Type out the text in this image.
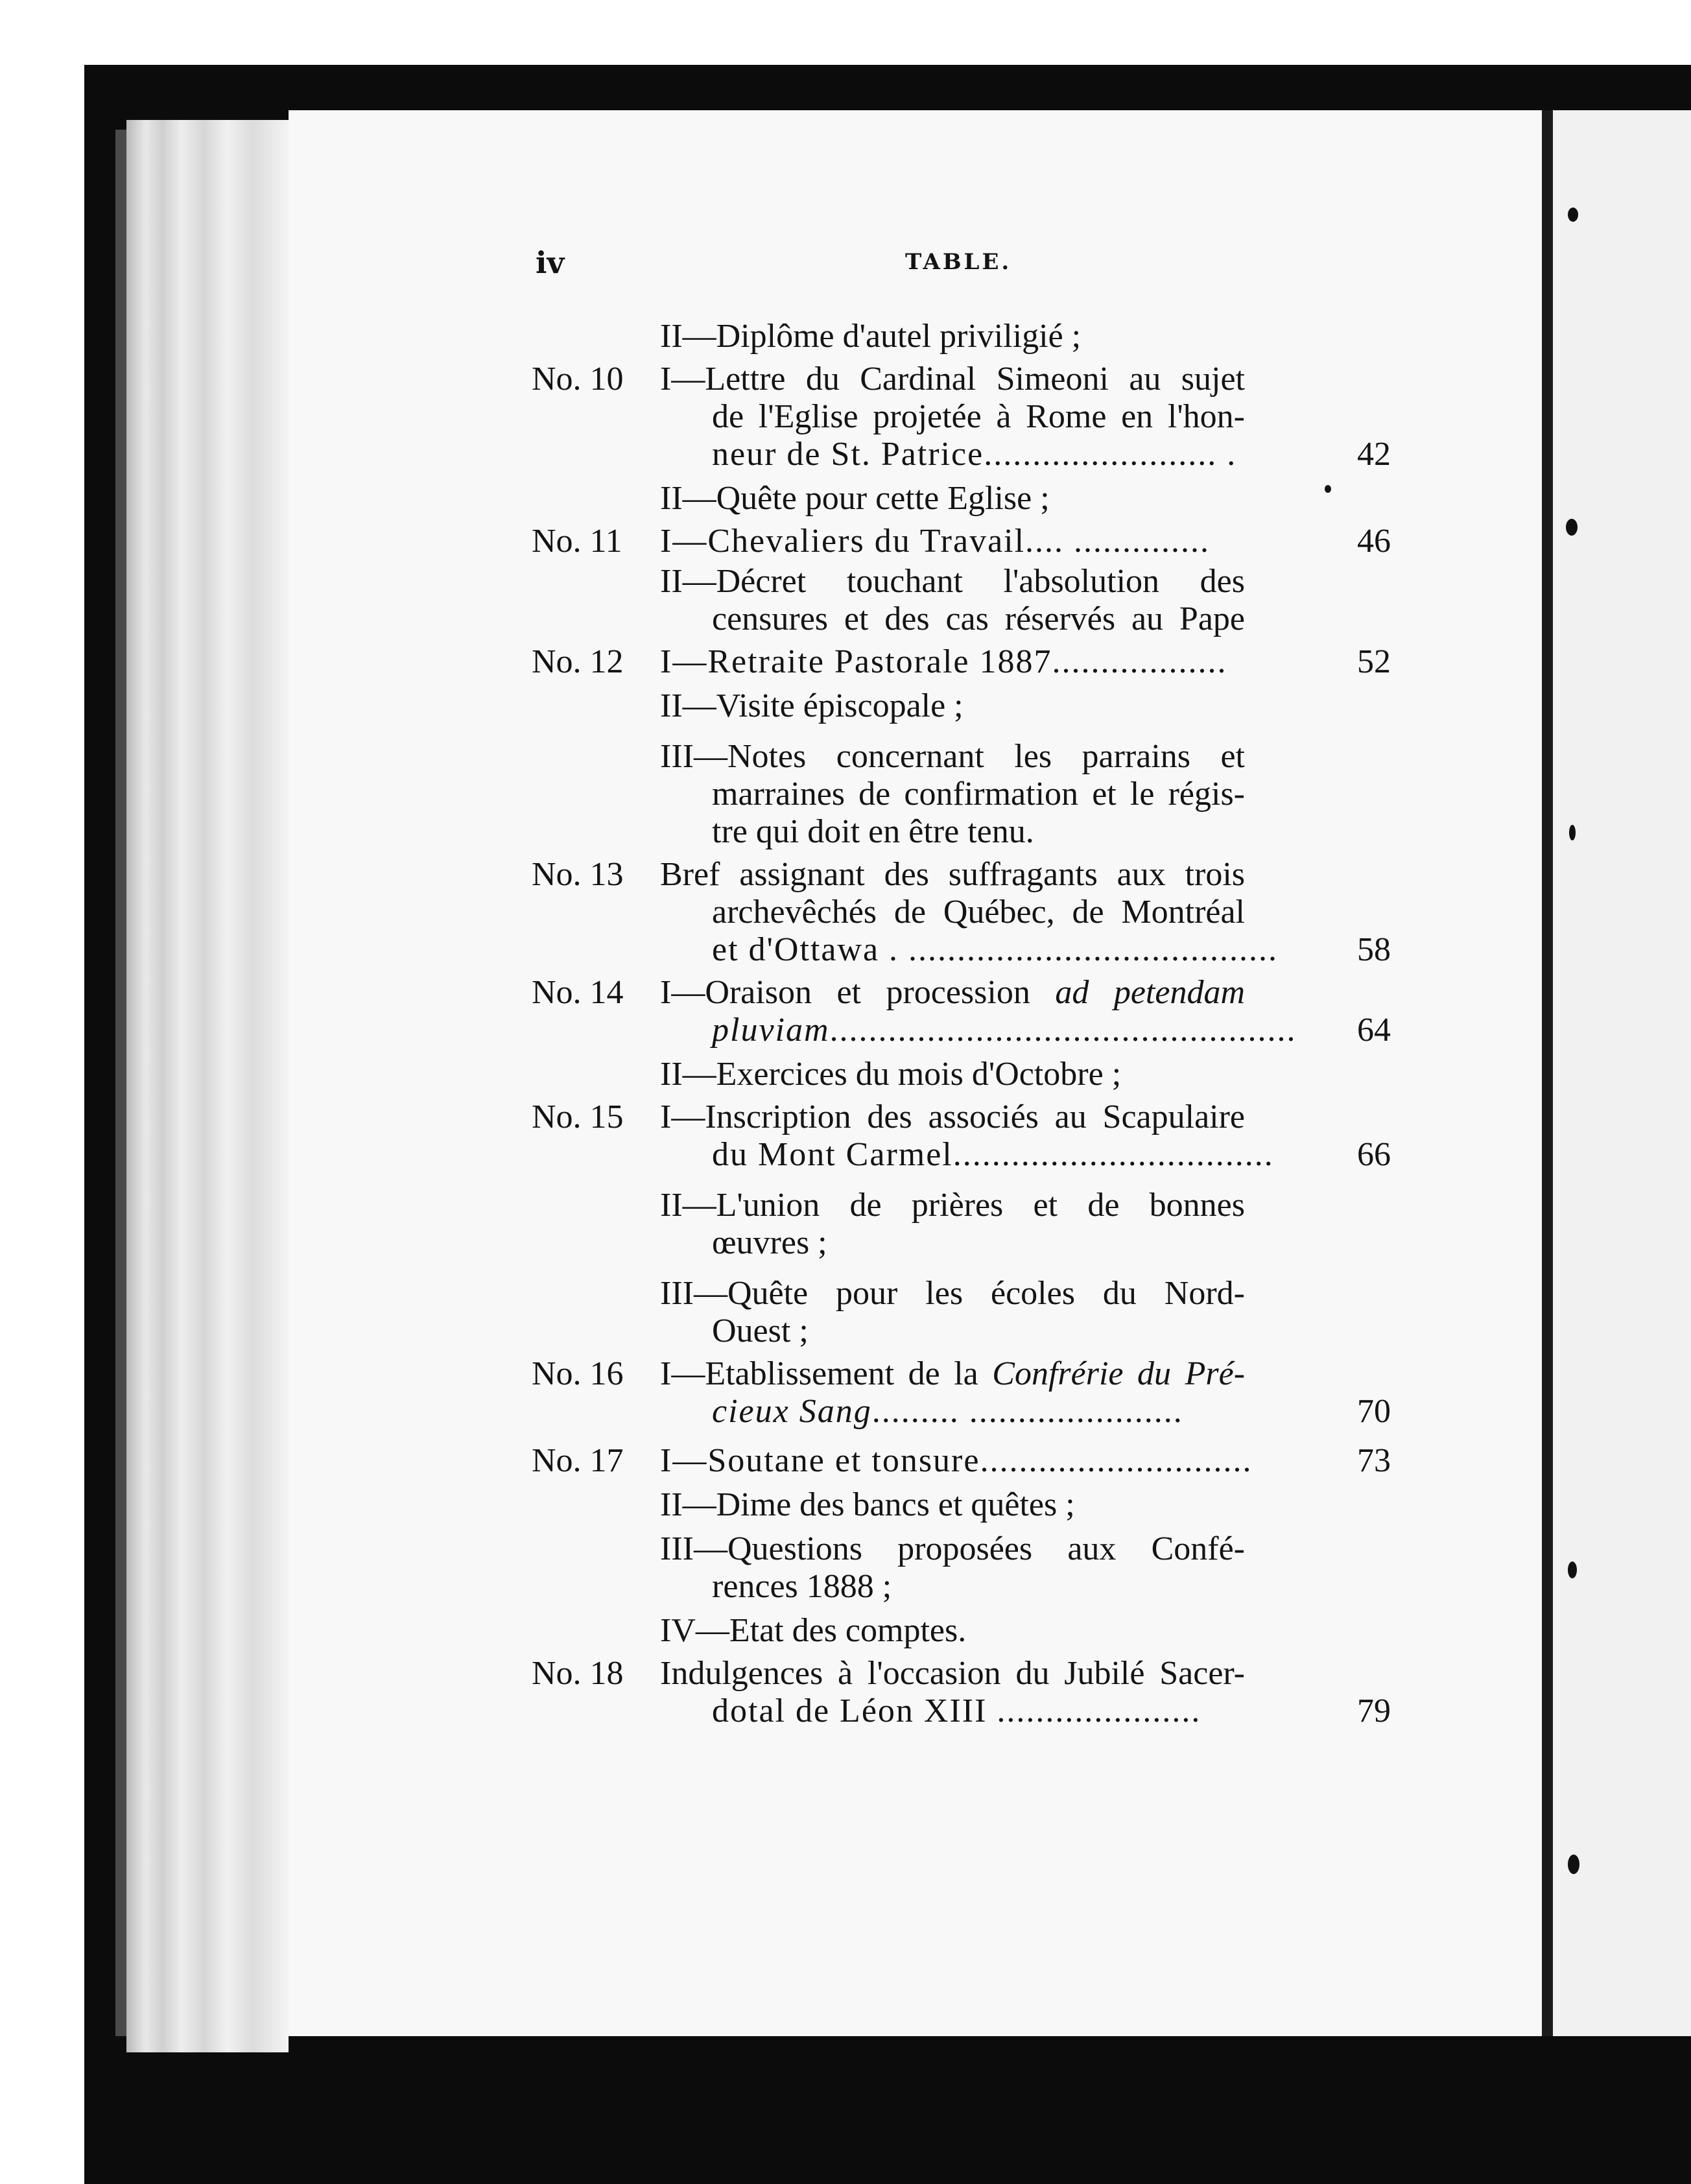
iv	TABLE.
II—Diplôme d'autel priviligié ;
No. 10	I—Lettre du Cardinal Simeoni au sujet
de l'Eglise projetée à Rome en l'hon-
neur de St. Patrice........................ .	42
II—Quête pour cette Eglise ;
No. 11	I—Chevaliers du Travail.... ..............	46
II—Décret touchant l'absolution des
censures et des cas réservés au Pape
No. 12	I—Retraite Pastorale 1887..................	52
II—Visite épiscopale ;
III—Notes concernant les parrains et
marraines de confirmation et le régis-
tre qui doit en être tenu.
No. 13	Bref assignant des suffragants aux trois
archevêchés de Québec, de Montréal
et d'Ottawa . ......................................	58
No. 14	I—Oraison et procession ad petendam
pluviam................................................	64
II—Exercices du mois d'Octobre ;
No. 15	I—Inscription des associés au Scapulaire
du Mont Carmel.................................	66
II—L'union de prières et de bonnes
œuvres ;
III—Quête pour les écoles du Nord-
Ouest ;
No. 16	I—Etablissement de la Confrérie du Pré-
cieux Sang......... ......................	70
No. 17	I—Soutane et tonsure............................	73
II—Dime des bancs et quêtes ;
III—Questions proposées aux Confé-
rences 1888 ;
IV—Etat des comptes.
No. 18	Indulgences à l'occasion du Jubilé Sacer-
dotal de Léon XIII .....................	79
